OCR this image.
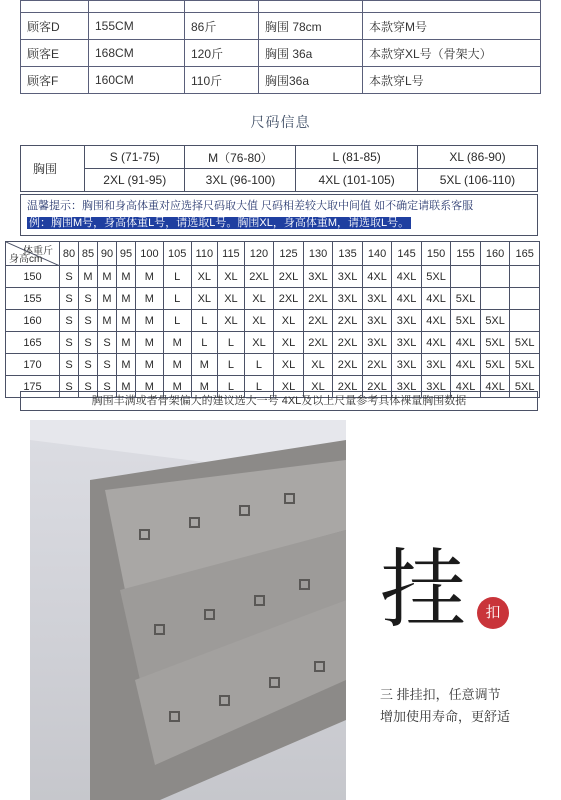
顾客D	155CM	86斤	胸围 78cm	本款穿M号
顾客E	168CM	120斤	胸围 36a	本款穿XL号（骨架大）
顾客F	160CM	110斤	胸围36a	本款穿L号
尺码信息
胸围	S (71-75)	M（76-80）	L (81-85)	XL (86-90)
	2XL (91-95)	3XL (96-100)	4XL (101-105)	5XL (106-110)
温馨提示：胸围和身高体重对应选择尺码取大值 尺码相差较大取中间值 如不确定请联系客服
例：胸围M号，身高体重L号，请选取L号。胸围XL，身高体重M，请选取L号。
体重斤
身高cm	80	85	90	95	100	105	110	115	120	125	130	135	140	145	150	155	160	165
150	S	M	M	M	M	L	XL	XL	2XL	2XL	3XL	3XL	4XL	4XL	5XL			
155	S	S	M	M	M	L	XL	XL	XL	2XL	2XL	3XL	3XL	4XL	4XL	5XL		
160	S	S	M	M	M	L	L	XL	XL	XL	2XL	2XL	3XL	3XL	4XL	5XL	5XL	
165	S	S	S	M	M	M	L	L	XL	XL	2XL	2XL	3XL	3XL	4XL	4XL	5XL	5XL
170	S	S	S	M	M	M	M	L	L	XL	XL	2XL	2XL	3XL	3XL	4XL	5XL	5XL
175	S	S	S	M	M	M	M	L	L	XL	XL	2XL	2XL	3XL	3XL	4XL	4XL	5XL
胸围丰满或者骨架偏大的建议选大一号 4XL及以上尺量参考具体裸量胸围数据
挂	扣
三 排挂扣，任意调节
增加使用寿命，更舒适
